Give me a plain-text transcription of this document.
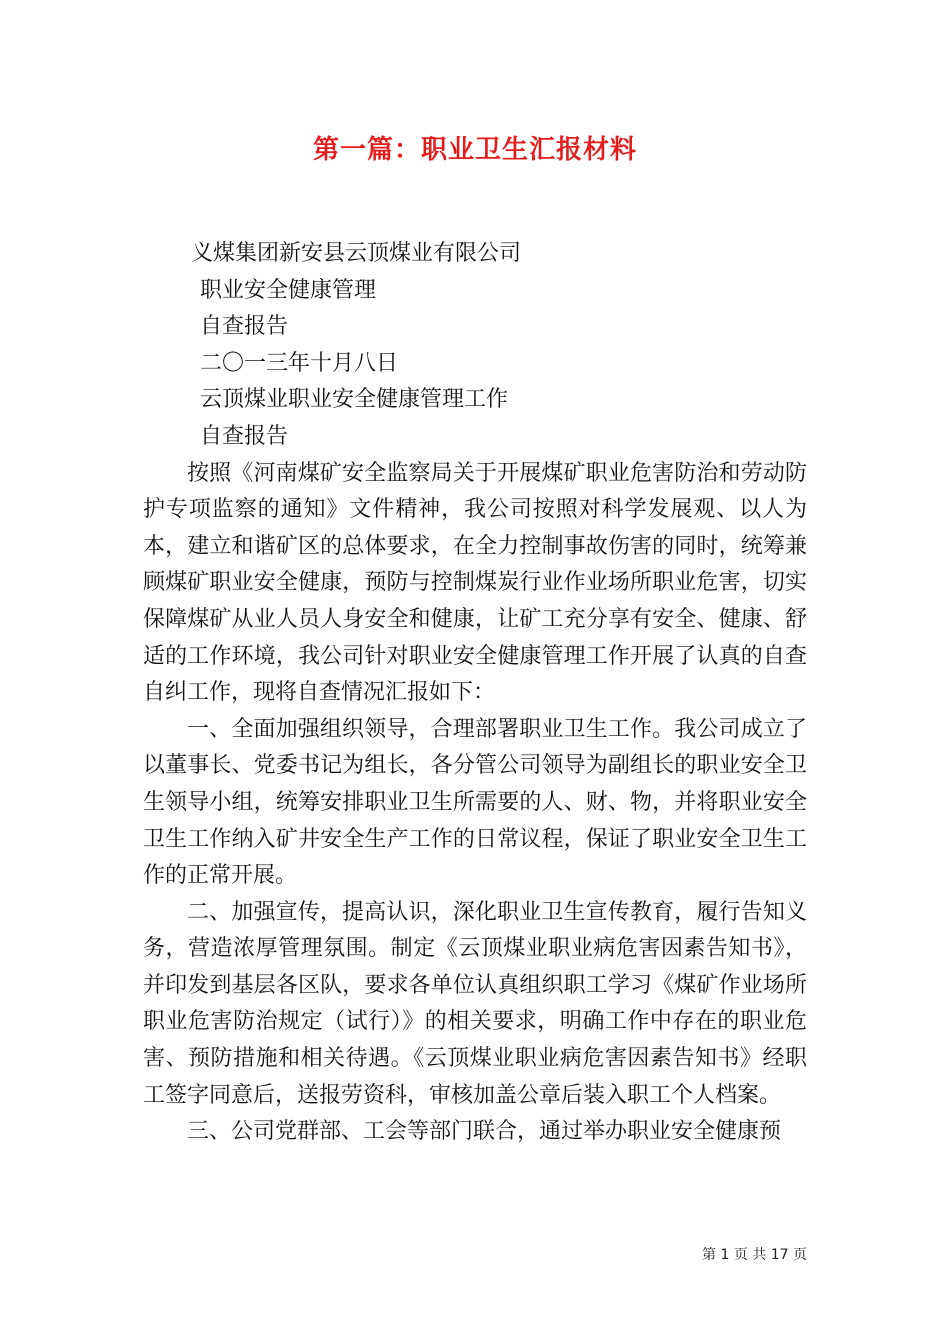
第一篇：职业卫生汇报材料
义煤集团新安县云顶煤业有限公司
职业安全健康管理
自查报告
二〇一三年十月八日
云顶煤业职业安全健康管理工作
自查报告

按照《河南煤矿安全监察局关于开展煤矿职业危害防治和劳动防护专项监察的通知》文件精神，我公司按照对科学发展观、以人为本，建立和谐矿区的总体要求，在全力控制事故伤害的同时，统筹兼顾煤矿职业安全健康，预防与控制煤炭行业作业场所职业危害，切实保障煤矿从业人员人身安全和健康，让矿工充分享有安全、健康、舒适的工作环境，我公司针对职业安全健康管理工作开展了认真的自查自纠工作，现将自查情况汇报如下：

一、全面加强组织领导，合理部署职业卫生工作。我公司成立了以董事长、党委书记为组长，各分管公司领导为副组长的职业安全卫生领导小组，统筹安排职业卫生所需要的人、财、物，并将职业安全卫生工作纳入矿井安全生产工作的日常议程，保证了职业安全卫生工作的正常开展。

二、加强宣传，提高认识，深化职业卫生宣传教育，履行告知义务，营造浓厚管理氛围。制定《云顶煤业职业病危害因素告知书》，并印发到基层各区队，要求各单位认真组织职工学习《煤矿作业场所职业危害防治规定（试行）》的相关要求，明确工作中存在的职业危害、预防措施和相关待遇。《云顶煤业职业病危害因素告知书》经职工签字同意后，送报劳资科，审核加盖公章后装入职工个人档案。

三、公司党群部、工会等部门联合，通过举办职业安全健康预

第 1 页 共 17 页
